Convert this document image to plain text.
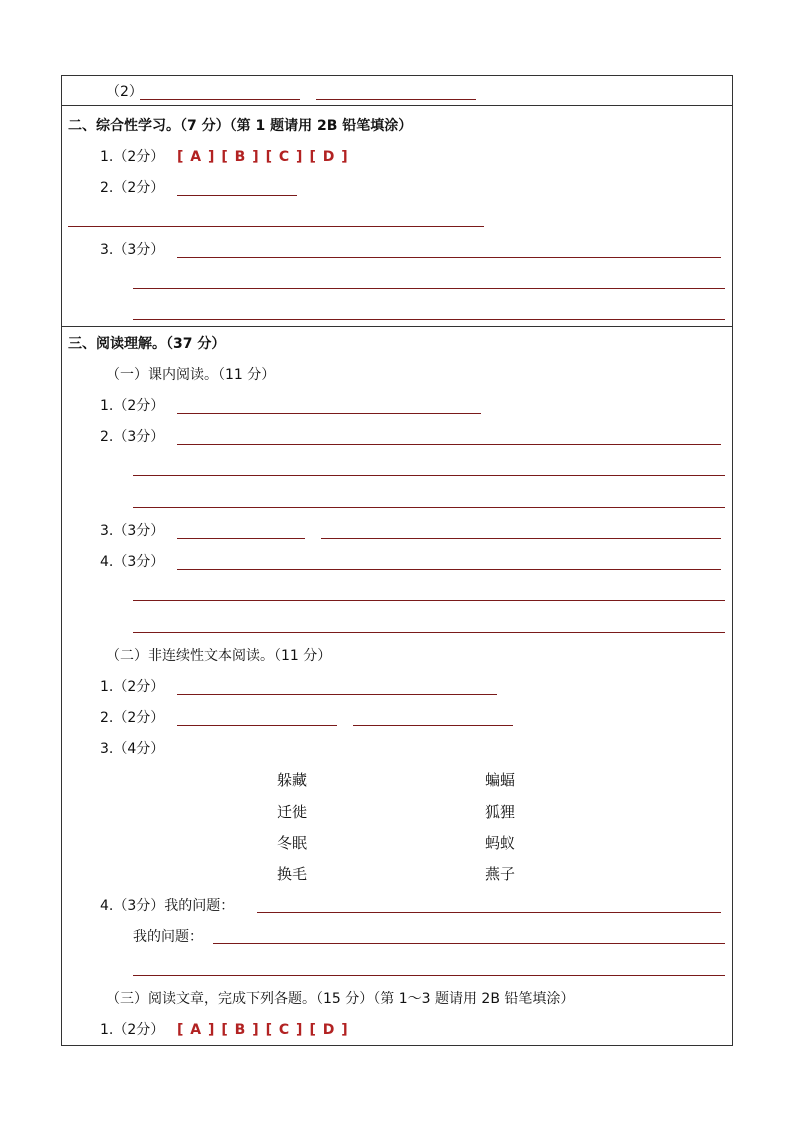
（2）
二、综合性学习。（7 分）（第 1 题请用 2B 铅笔填涂）
1.（2分） [ A ] [ B ] [ C ] [ D ]
2.（2分）
3.（3分）
三、阅读理解。（37 分）
（一）课内阅读。（11 分）
1.（2分）
2.（3分）
3.（3分）
4.（3分）
（二）非连续性文本阅读。（11 分）
1.（2分）
2.（2分）
3.（4分）
躲藏
迁徙
冬眠
换毛
蝙蝠
狐狸
蚂蚁
燕子
4.（3分）我的问题：
我的问题：
（三）阅读文章，完成下列各题。（15 分）（第 1～3 题请用 2B 铅笔填涂）
1.（2分） [ A ] [ B ] [ C ] [ D ]
